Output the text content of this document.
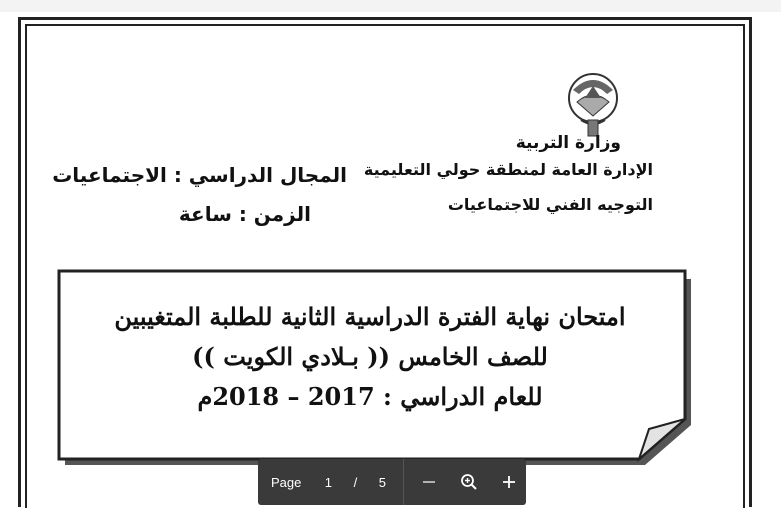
وزارة التربية
الإدارة العامة لمنطقة حولي التعليمية
التوجيه الفني للاجتماعيات
المجال الدراسي : الاجتماعيات
الزمن : ساعة
امتحان نهاية الفترة الدراسية الثانية للطلبة المتغيبين
للصف الخامس (( بـلادي الكويت ))
للعام الدراسي : 2017 – 2018م
Page 1	/	5
